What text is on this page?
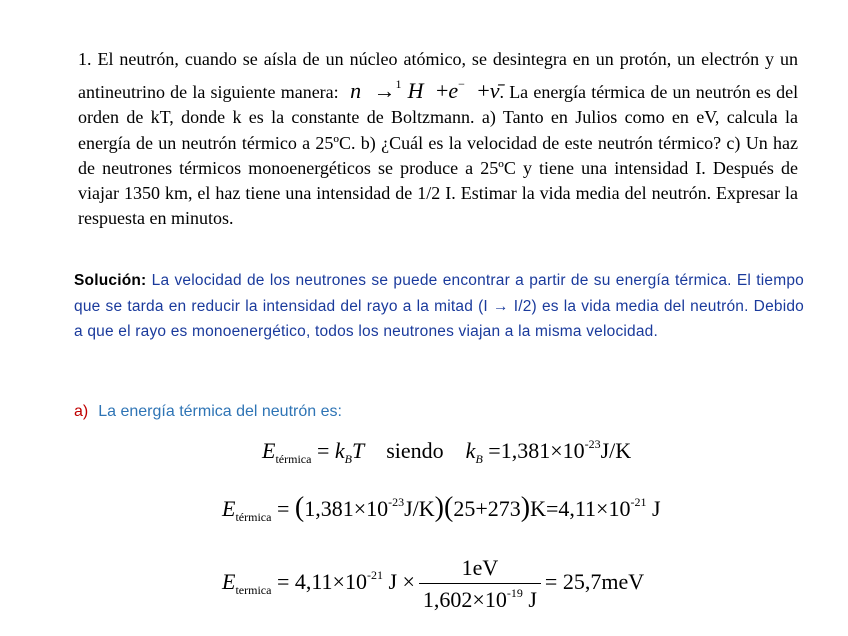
1. El neutrón, cuando se aísla de un núcleo atómico, se desintegra en un protón, un electrón y un antineutrino de la siguiente manera: n →$^1$ H +e− +ν̄. La energía térmica de un neutrón es del orden de kT, donde k es la constante de Boltzmann. a) Tanto en Julios como en eV, calcula la energía de un neutrón térmico a 25ºC. b) ¿Cuál es la velocidad de este neutrón térmico? c) Un haz de neutrones térmicos monoenergéticos se produce a 25ºC y tiene una intensidad I. Después de viajar 1350 km, el haz tiene una intensidad de 1/2 I. Estimar la vida media del neutrón. Expresar la respuesta en minutos.
Solución: La velocidad de los neutrones se puede encontrar a partir de su energía térmica. El tiempo que se tarda en reducir la intensidad del rayo a la mitad (I → I/2) es la vida media del neutrón. Debido a que el rayo es monoenergético, todos los neutrones viajan a la misma velocidad.
a) La energía térmica del neutrón es:
$E_{térmica} = k_BT$ siendo $k_B =1,381\times 10^{-23}J/K$
$E_{térmica} = (1,381\times 10^{-23}J/K)(25+273)K=4,11\times 10^{-21}$ J
$E_{termica} = 4,11\times 10^{-21}$ $J \times \frac{1eV}{1,602\times 10^{-19} J} = 25,7meV$
